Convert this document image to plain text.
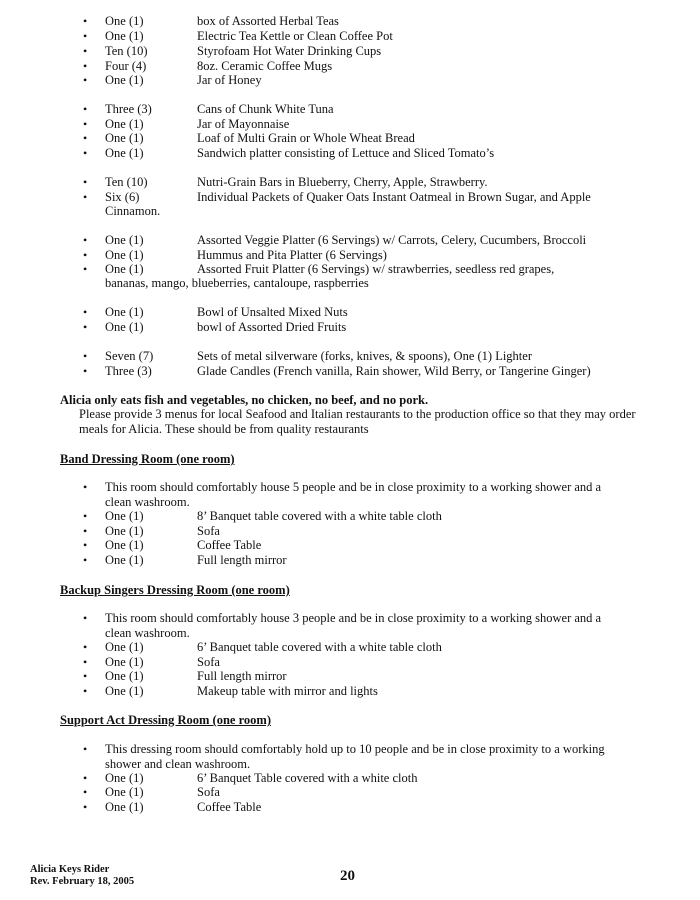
• One (1)	box of Assorted Herbal Teas
• One (1)	Electric Tea Kettle or Clean Coffee Pot
• Ten (10)	Styrofoam Hot Water Drinking Cups
• Four (4)	8oz. Ceramic Coffee Mugs
• One (1)	Jar of Honey
• Three (3)	Cans of Chunk White Tuna
• One (1)	Jar of Mayonnaise
• One (1)	Loaf of Multi Grain or Whole Wheat Bread
• One (1)	Sandwich platter consisting of Lettuce and Sliced Tomato’s
• Ten (10)	Nutri-Grain Bars in Blueberry, Cherry, Apple, Strawberry.
• Six (6)	Individual Packets of Quaker Oats Instant Oatmeal in Brown Sugar, and Apple
Cinnamon.
• One (1)	Assorted Veggie Platter (6 Servings) w/ Carrots, Celery, Cucumbers, Broccoli
• One (1)	Hummus and Pita Platter (6 Servings)
• One (1)	Assorted Fruit Platter (6 Servings) w/ strawberries, seedless red grapes,
bananas, mango, blueberries, cantaloupe, raspberries
• One (1)	Bowl of Unsalted Mixed Nuts
• One (1)	bowl of Assorted Dried Fruits
• Seven (7)	Sets of metal silverware (forks, knives, & spoons), One (1) Lighter
• Three (3)	Glade Candles (French vanilla, Rain shower, Wild Berry, or Tangerine Ginger)
Alicia only eats fish and vegetables, no chicken, no beef, and no pork.
Please provide 3 menus for local Seafood and Italian restaurants to the production office so that they may order meals for Alicia. These should be from quality restaurants
Band Dressing Room (one room)
• This room should comfortably house 5 people and be in close proximity to a working shower and a clean washroom.
• One (1)	8’ Banquet table covered with a white table cloth
• One (1)	Sofa
• One (1)	Coffee Table
• One (1)	Full length mirror
Backup Singers Dressing Room (one room)
• This room should comfortably house 3 people and be in close proximity to a working shower and a clean washroom.
• One (1)	6’ Banquet table covered with a white table cloth
• One (1)	Sofa
• One (1)	Full length mirror
• One (1)	Makeup table with mirror and lights
Support Act Dressing Room (one room)
• This dressing room should comfortably hold up to 10 people and be in close proximity to a working shower and clean washroom.
• One (1)	6’ Banquet Table covered with a white cloth
• One (1)	Sofa
• One (1)	Coffee Table
Alicia Keys Rider
Rev. February 18, 2005	20
